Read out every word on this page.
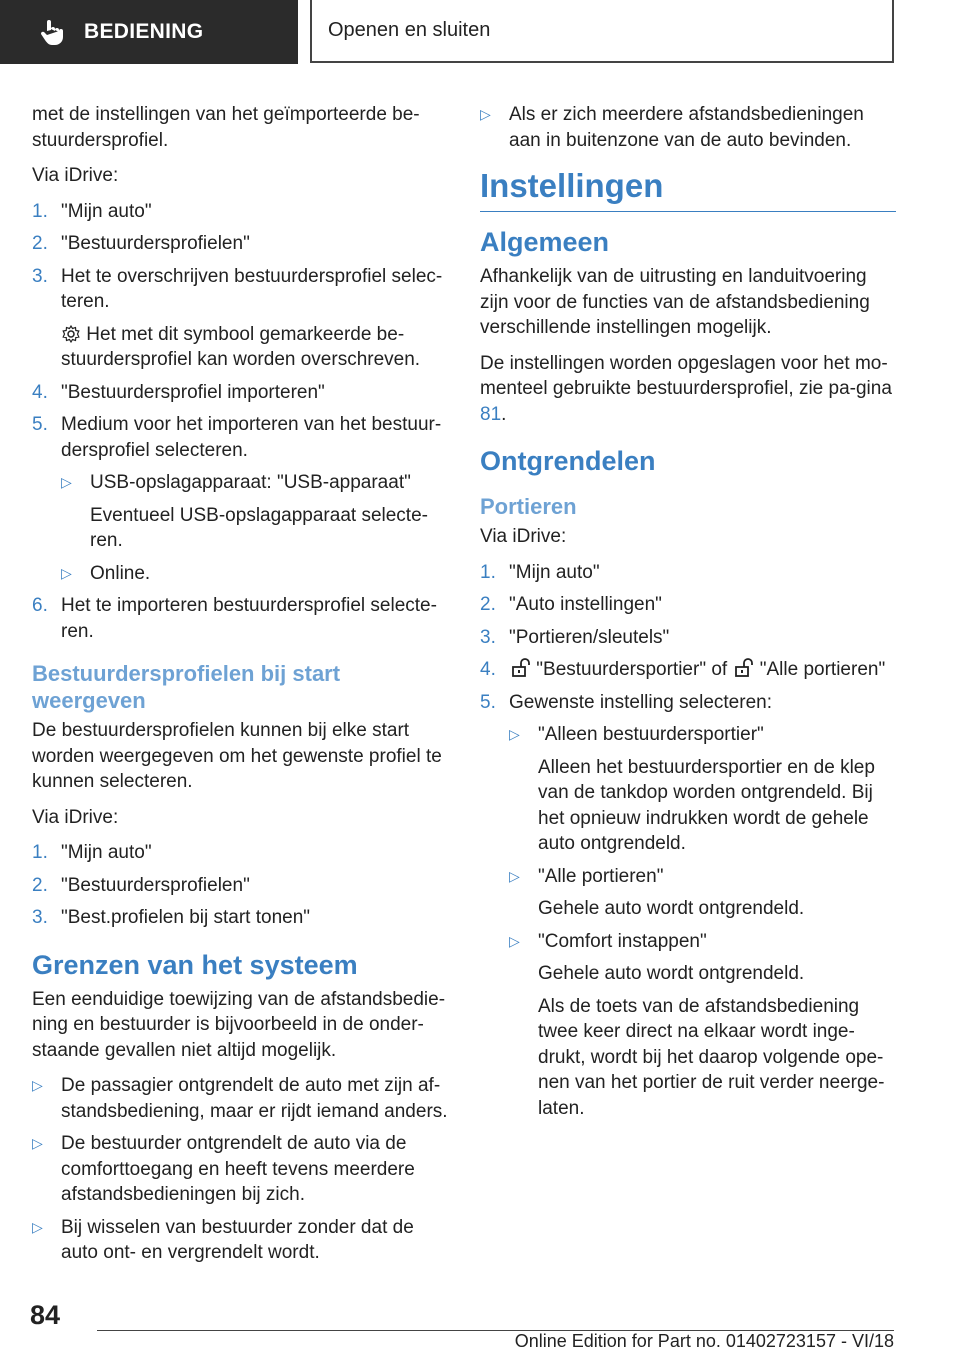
BEDIENING	Openen en sluiten

met de instellingen van het geïmporteerde be-stuurdersprofiel.

Via iDrive:

1. "Mijn auto"
2. "Bestuurdersprofielen"
3. Het te overschrijven bestuurdersprofiel selec-teren.
Het met dit symbool gemarkeerde be-stuurdersprofiel kan worden overschreven.
4. "Bestuurdersprofiel importeren"
5. Medium voor het importeren van het bestuur-dersprofiel selecteren.
▷ USB-opslagapparaat: "USB-apparaat"
Eventueel USB-opslagapparaat selecte-ren.
▷ Online.
6. Het te importeren bestuurdersprofiel selecte-ren.
Bestuurdersprofielen bij start weergeven

De bestuurdersprofielen kunnen bij elke start worden weergegeven om het gewenste profiel te kunnen selecteren.

Via iDrive:

1. "Mijn auto"
2. "Bestuurdersprofielen"
3. "Best.profielen bij start tonen"
Grenzen van het systeem

Een eenduidige toewijzing van de afstandsbedie-ning en bestuurder is bijvoorbeeld in de onder-staande gevallen niet altijd mogelijk.

▷ De passagier ontgrendelt de auto met zijn af-standsbediening, maar er rijdt iemand anders.
▷ De bestuurder ontgrendelt de auto via de comforttoegang en heeft tevens meerdere afstandsbedieningen bij zich.
▷ Bij wisselen van bestuurder zonder dat de auto ont- en vergrendelt wordt.
▷ Als er zich meerdere afstandsbedieningen aan in buitenzone van de auto bevinden.
Instellingen
Algemeen

Afhankelijk van de uitrusting en landuitvoering zijn voor de functies van de afstandsbediening verschillende instellingen mogelijk.

De instellingen worden opgeslagen voor het mo-menteel gebruikte bestuurdersprofiel, zie pa-gina 81.

Ontgrendelen
Portieren

Via iDrive:

1. "Mijn auto"
2. "Auto instellingen"
3. "Portieren/sleutels"
4.	"Bestuurdersportier" of "Alle portieren"
5. Gewenste instelling selecteren:
▷ "Alleen bestuurdersportier"
Alleen het bestuurdersportier en de klep van de tankdop worden ontgrendeld. Bij het opnieuw indrukken wordt de gehele auto ontgrendeld.
▷ "Alle portieren"
Gehele auto wordt ontgrendeld.
▷ "Comfort instappen"
Gehele auto wordt ontgrendeld.
Als de toets van de afstandsbediening twee keer direct na elkaar wordt inge-drukt, wordt bij het daarop volgende ope-nen van het portier de ruit verder neerge-laten.
84
Online Edition for Part no. 01402723157 - VI/18
